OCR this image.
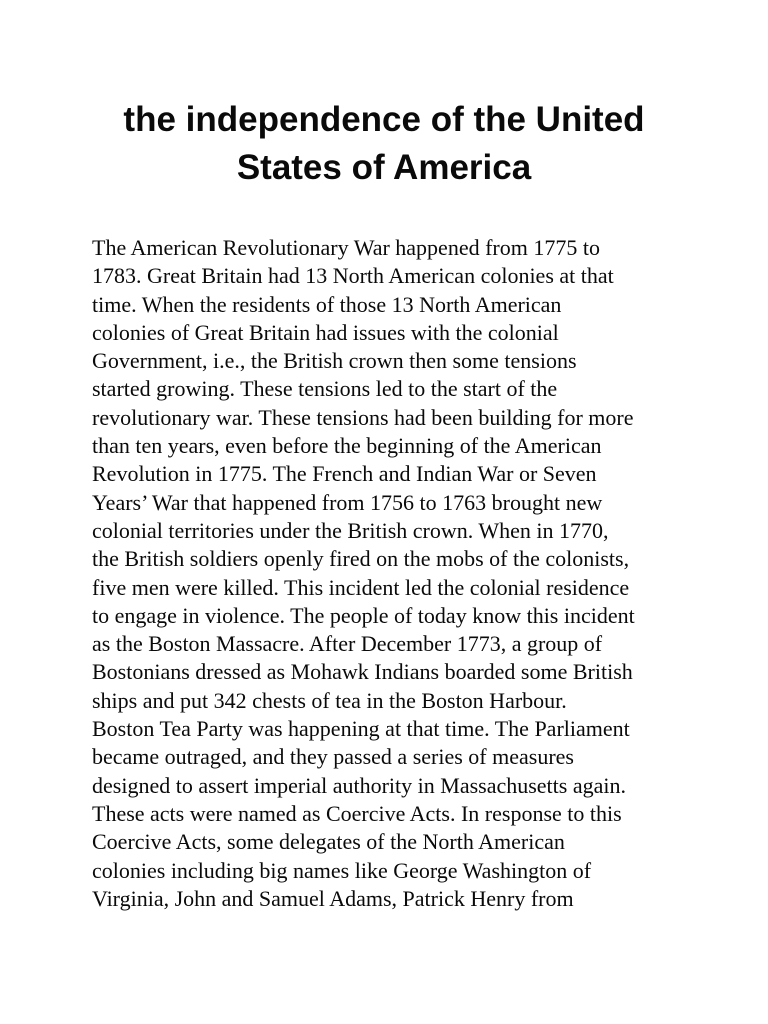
the independence of the United
States of America
The American Revolutionary War happened from 1775 to
1783. Great Britain had 13 North American colonies at that
time. When the residents of those 13 North American
colonies of Great Britain had issues with the colonial
Government, i.e., the British crown then some tensions
started growing. These tensions led to the start of the
revolutionary war. These tensions had been building for more
than ten years, even before the beginning of the American
Revolution in 1775. The French and Indian War or Seven
Years’ War that happened from 1756 to 1763 brought new
colonial territories under the British crown. When in 1770,
the British soldiers openly fired on the mobs of the colonists,
five men were killed. This incident led the colonial residence
to engage in violence. The people of today know this incident
as the Boston Massacre. After December 1773, a group of
Bostonians dressed as Mohawk Indians boarded some British
ships and put 342 chests of tea in the Boston Harbour.
Boston Tea Party was happening at that time. The Parliament
became outraged, and they passed a series of measures
designed to assert imperial authority in Massachusetts again.
These acts were named as Coercive Acts. In response to this
Coercive Acts, some delegates of the North American
colonies including big names like George Washington of
Virginia, John and Samuel Adams, Patrick Henry from
